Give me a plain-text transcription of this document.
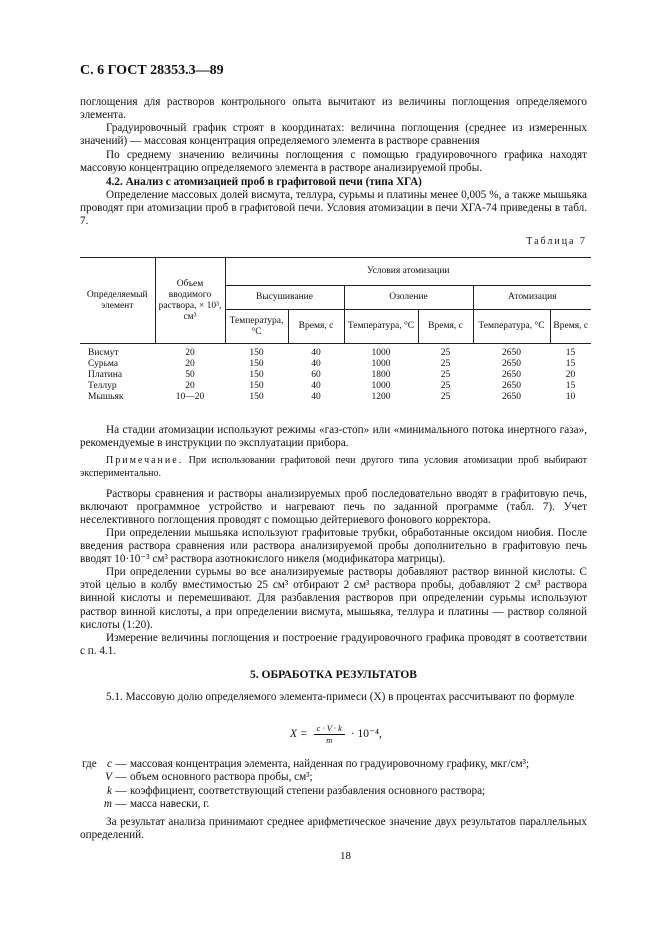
С. 6 ГОСТ 28353.3—89
поглощения для растворов контрольного опыта вычитают из величины поглощения определяемого элемента.
Градуировочный график строят в координатах: величина поглощения (среднее из измеренных значений) — массовая концентрация определяемого элемента в растворе сравнения
По среднему значению величины поглощения с помощью градуировочного графика находят массовую концентрацию определяемого элемента в растворе анализируемой пробы.
4.2. Анализ с атомизацией проб в графитовой печи (типа ХГА)
Определение массовых долей висмута, теллура, сурьмы и платины менее 0,005 %, а также мышьяка проводят при атомизации проб в графитовой печи. Условия атомизации в печи ХГА-74 приведены в табл. 7.
Таблица 7
Определяемый элемент	Объем вводимого раствора, × 10³, см³	Условия атомизации					
		Высушивание		Озоление		Атомизация	
		Температура, °С	Время, с	Температура, °С	Время, с	Температура, °С	Время, с
Висмут	20	150	40	1000	25	2650	15
Сурьма	20	150	40	1000	25	2650	15
Платина	50	150	60	1800	25	2650	20
Теллур	20	150	40	1000	25	2650	15
Мышьяк	10—20	150	40	1200	25	2650	10
На стадии атомизации используют режимы «газ-стоп» или «минимального потока инертного газа», рекомендуемые в инструкции по эксплуатации прибора.
Примечание. При использовании графитовой печи другого типа условия атомизации проб выбирают экспериментально.
Растворы сравнения и растворы анализируемых проб последовательно вводят в графитовую печь, включают программное устройство и нагревают печь по заданной программе (табл. 7). Учет неселективного поглощения проводят с помощью дейтериевого фонового корректора.
При определении мышьяка используют графитовые трубки, обработанные оксидом ниобия. После введения раствора сравнения или раствора анализируемой пробы дополнительно в графитовую печь вводят 10·10⁻³ см³ раствора азотнокислого никеля (модификатора матрицы).
При определении сурьмы во все анализируемые растворы добавляют раствор винной кислоты. С этой целью в колбу вместимостью 25 см³ отбирают 2 см³ раствора пробы, добавляют 2 см³ раствора винной кислоты и перемешивают. Для разбавления растворов при определении сурьмы используют раствор винной кислоты, а при определении висмута, мышьяка, теллура и платины — раствор соляной кислоты (1:20).
Измерение величины поглощения и построение градуировочного графика проводят в соответствии с п. 4.1.
5. ОБРАБОТКА РЕЗУЛЬТАТОВ
5.1. Массовую долю определяемого элемента-примеси (X) в процентах рассчитывают по формуле
$X = \frac{c \cdot V \cdot k}{m} \cdot 10^{-4}$,
где c — массовая концентрация элемента, найденная по градуировочному графику, мкг/см³;
V — объем основного раствора пробы, см³;
k — коэффициент, соответствующий степени разбавления основного раствора;
m — масса навески, г.
За результат анализа принимают среднее арифметическое значение двух результатов параллельных определений.
18
